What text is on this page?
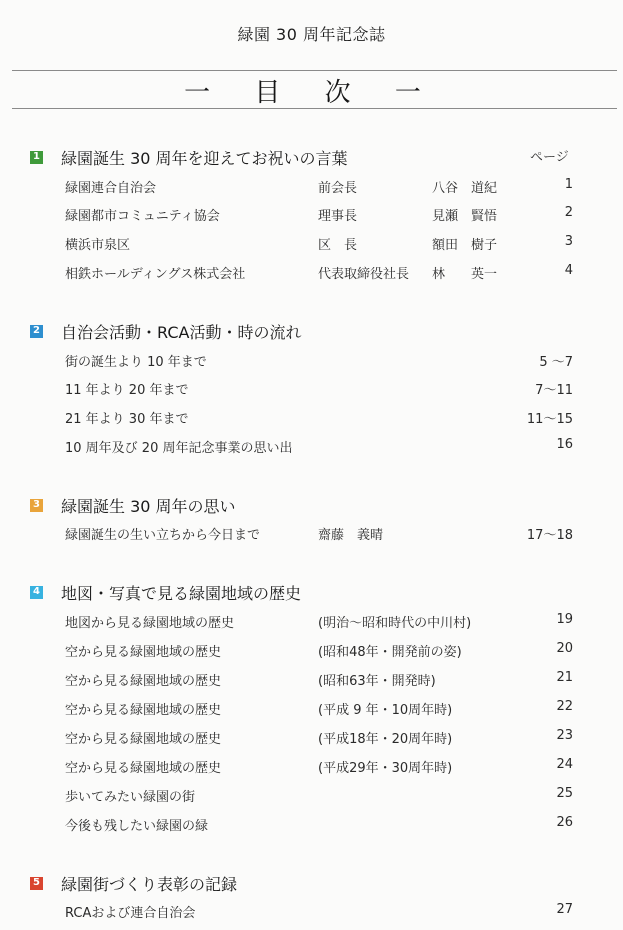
緑園 30 周年記念誌
一 目 次 一
ページ
1 緑園誕生 30 周年を迎えてお祝いの言葉
緑園連合自治会	前会長	八谷　道紀	1
緑園都市コミュニティ協会	理事長	見瀬　賢悟	2
横浜市泉区	区　長	額田　樹子	3
相鉄ホールディングス株式会社	代表取締役社長 林　　英一	4
2 自治会活動・RCA活動・時の流れ
街の誕生より 10 年まで	5 〜7
11 年より 20 年まで	7〜11
21 年より 30 年まで	11〜15
10 周年及び 20 周年記念事業の思い出	16
3 緑園誕生 30 周年の思い
緑園誕生の生い立ちから今日まで	齋藤　義晴	17〜18
4 地図・写真で見る緑園地域の歴史
地図から見る緑園地域の歴史	(明治〜昭和時代の中川村)	19
空から見る緑園地域の歴史	(昭和48年・開発前の姿)	20
空から見る緑園地域の歴史	(昭和63年・開発時)	21
空から見る緑園地域の歴史	(平成 9 年・10周年時)	22
空から見る緑園地域の歴史	(平成18年・20周年時)	23
空から見る緑園地域の歴史	(平成29年・30周年時)	24
歩いてみたい緑園の街	25
今後も残したい緑園の緑	26
5 緑園街づくり表彰の記録
RCAおよび連合自治会	27
